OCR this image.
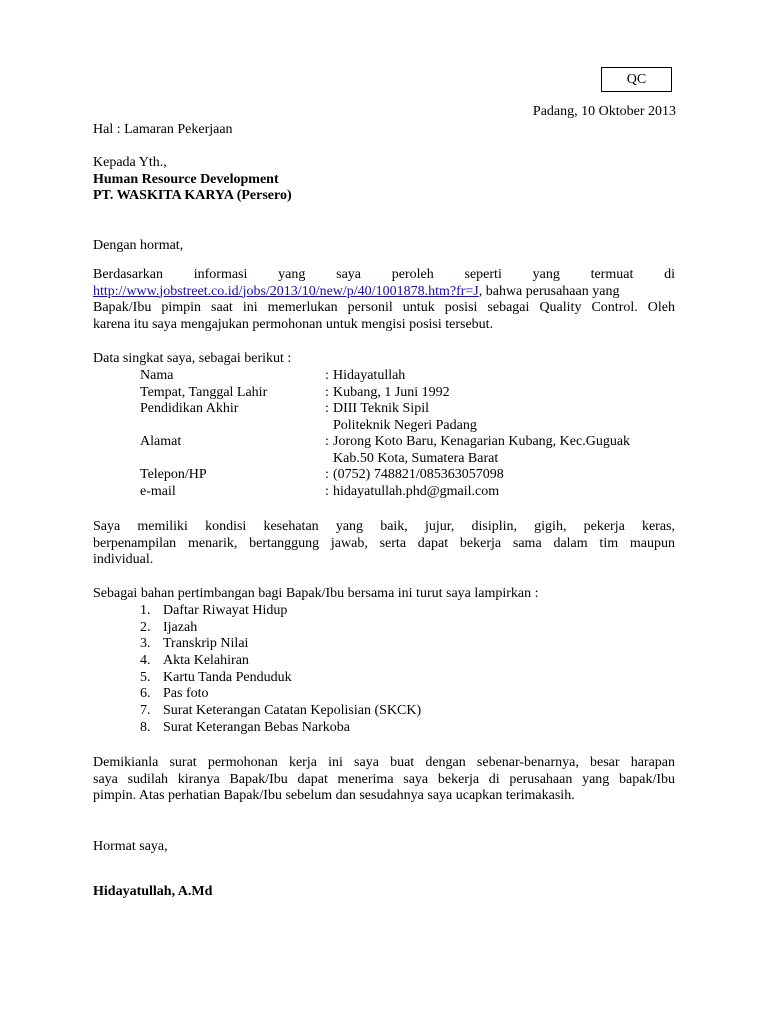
QC
Padang, 10 Oktober 2013
Hal : Lamaran Pekerjaan
Kepada Yth.,
Human Resource Development
PT. WASKITA KARYA (Persero)
Dengan hormat,
Berdasarkan informasi yang saya peroleh seperti yang termuat di
http://www.jobstreet.co.id/jobs/2013/10/new/p/40/1001878.htm?fr=J, bahwa perusahaan yang
Bapak/Ibu pimpin saat ini memerlukan personil untuk posisi sebagai Quality Control. Oleh
karena itu saya mengajukan permohonan untuk mengisi posisi tersebut.
Data singkat saya, sebagai berikut :
Nama	: Hidayatullah
Tempat, Tanggal Lahir	: Kubang, 1 Juni 1992
Pendidikan Akhir	: DIII Teknik Sipil
Politeknik Negeri Padang
Alamat	: Jorong Koto Baru, Kenagarian Kubang, Kec.Guguak
Kab.50 Kota, Sumatera Barat
Telepon/HP	: (0752) 748821/085363057098
e-mail	: hidayatullah.phd@gmail.com
Saya memiliki kondisi kesehatan yang baik, jujur, disiplin, gigih, pekerja keras,
berpenampilan menarik, bertanggung jawab, serta dapat bekerja sama dalam tim maupun
individual.
Sebagai bahan pertimbangan bagi Bapak/Ibu bersama ini turut saya lampirkan :
1. Daftar Riwayat Hidup
2. Ijazah
3. Transkrip Nilai
4. Akta Kelahiran
5. Kartu Tanda Penduduk
6. Pas foto
7. Surat Keterangan Catatan Kepolisian (SKCK)
8. Surat Keterangan Bebas Narkoba
Demikianla surat permohonan kerja ini saya buat dengan sebenar-benarnya, besar harapan
saya sudilah kiranya Bapak/Ibu dapat menerima saya bekerja di perusahaan yang bapak/Ibu
pimpin. Atas perhatian Bapak/Ibu sebelum dan sesudahnya saya ucapkan terimakasih.
Hormat saya,
Hidayatullah, A.Md
